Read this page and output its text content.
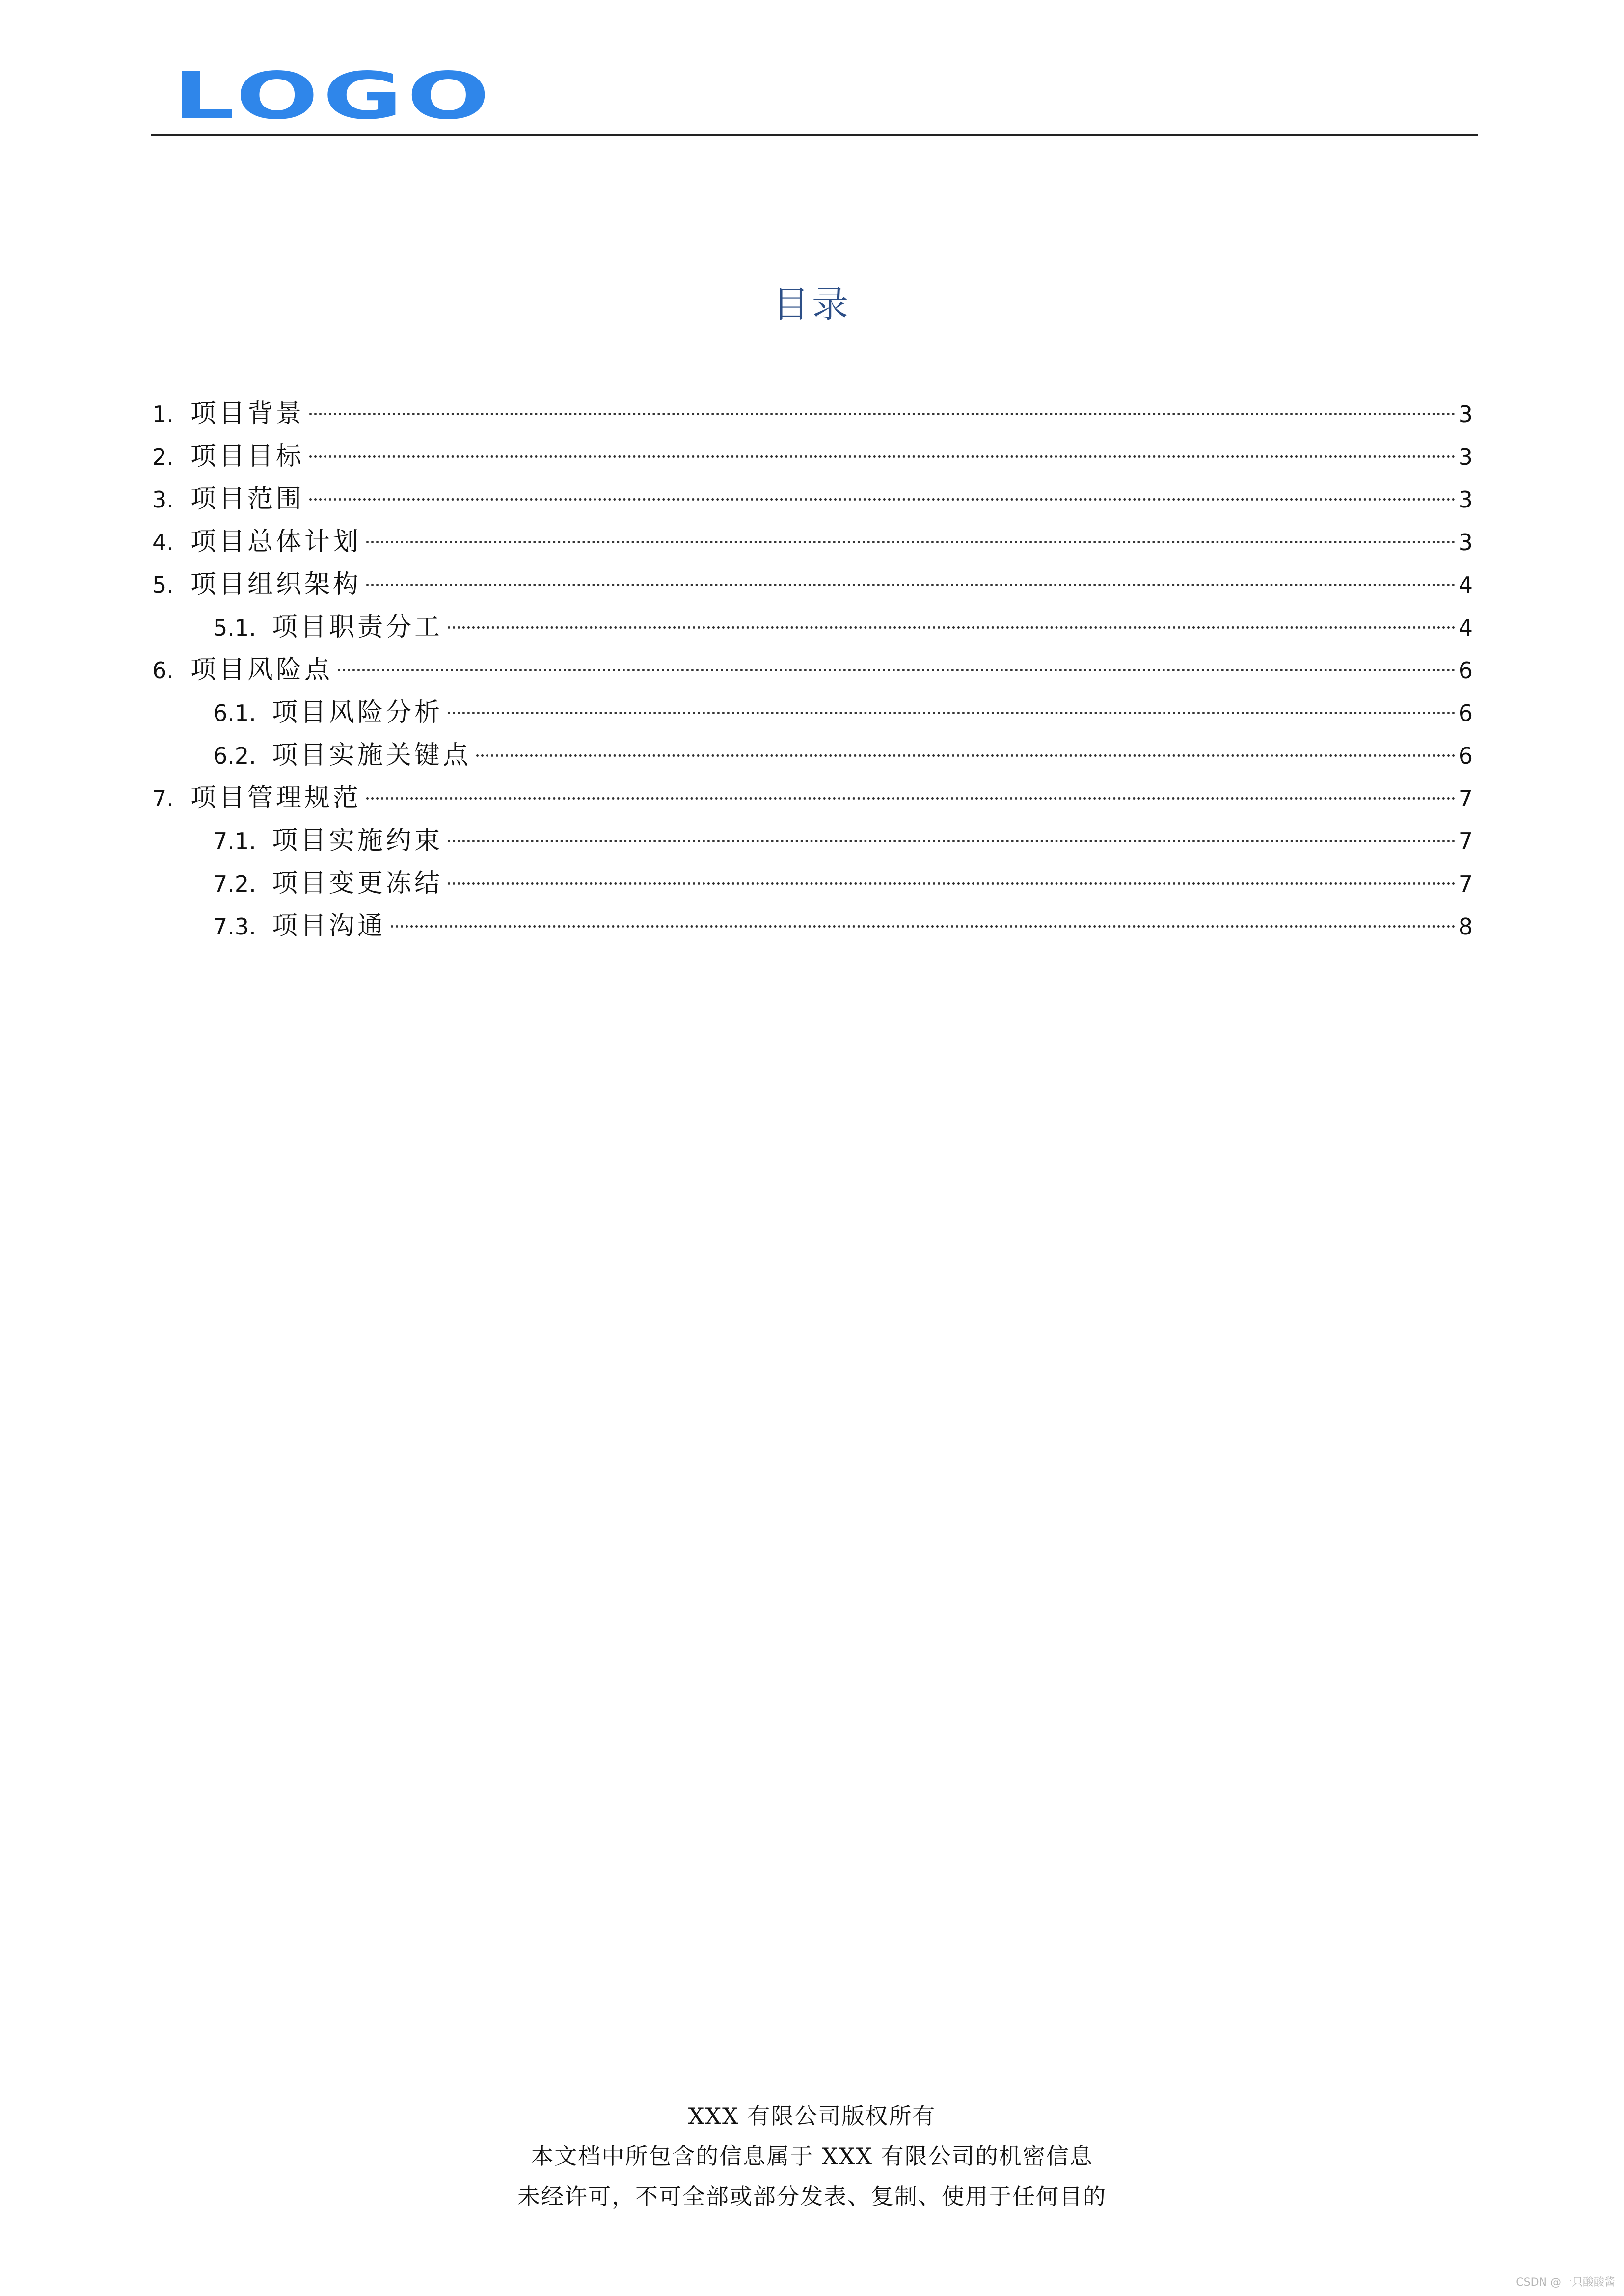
LOGO
目录
1. 项目背景	3
2. 项目目标	3
3. 项目范围	3
4. 项目总体计划	3
5. 项目组织架构	4
5.1. 项目职责分工	4
6. 项目风险点	6
6.1. 项目风险分析	6
6.2. 项目实施关键点	6
7. 项目管理规范	7
7.1. 项目实施约束	7
7.2. 项目变更冻结	7
7.3. 项目沟通	8
XXX 有限公司版权所有
本文档中所包含的信息属于 XXX 有限公司的机密信息
未经许可，不可全部或部分发表、复制、使用于任何目的
CSDN @一只酸酸酱
